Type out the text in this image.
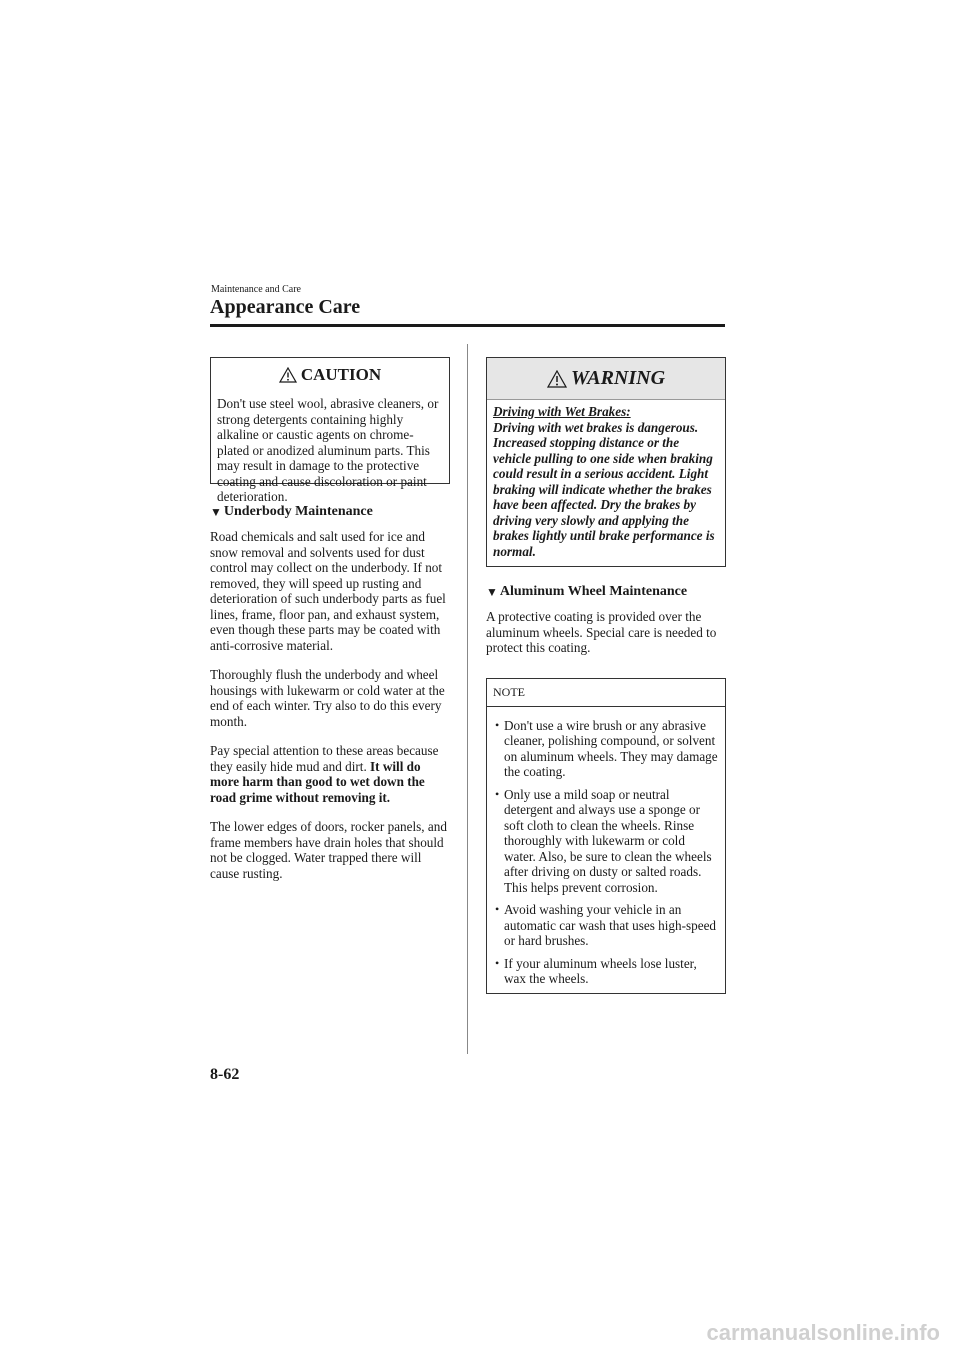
Maintenance and Care
Appearance Care
CAUTION
Don't use steel wool, abrasive cleaners, or strong detergents containing highly alkaline or caustic agents on chrome-plated or anodized aluminum parts. This may result in damage to the protective coating and cause discoloration or paint deterioration.
▼ Underbody Maintenance

Road chemicals and salt used for ice and snow removal and solvents used for dust control may collect on the underbody. If not removed, they will speed up rusting and deterioration of such underbody parts as fuel lines, frame, floor pan, and exhaust system, even though these parts may be coated with anti-corrosive material.

Thoroughly flush the underbody and wheel housings with lukewarm or cold water at the end of each winter. Try also to do this every month.

Pay special attention to these areas because they easily hide mud and dirt. It will do more harm than good to wet down the road grime without removing it.

The lower edges of doors, rocker panels, and frame members have drain holes that should not be clogged. Water trapped there will cause rusting.

WARNING
Driving with Wet Brakes:
Driving with wet brakes is dangerous. Increased stopping distance or the vehicle pulling to one side when braking could result in a serious accident. Light braking will indicate whether the brakes have been affected. Dry the brakes by driving very slowly and applying the brakes lightly until brake performance is normal.
▼ Aluminum Wheel Maintenance

A protective coating is provided over the aluminum wheels. Special care is needed to protect this coating.

NOTE
• Don't use a wire brush or any abrasive cleaner, polishing compound, or solvent on aluminum wheels. They may damage the coating.
• Only use a mild soap or neutral detergent and always use a sponge or soft cloth to clean the wheels. Rinse thoroughly with lukewarm or cold water. Also, be sure to clean the wheels after driving on dusty or salted roads. This helps prevent corrosion.
• Avoid washing your vehicle in an automatic car wash that uses high-speed or hard brushes.
• If your aluminum wheels lose luster, wax the wheels.
8-62
carmanualsonline.info
